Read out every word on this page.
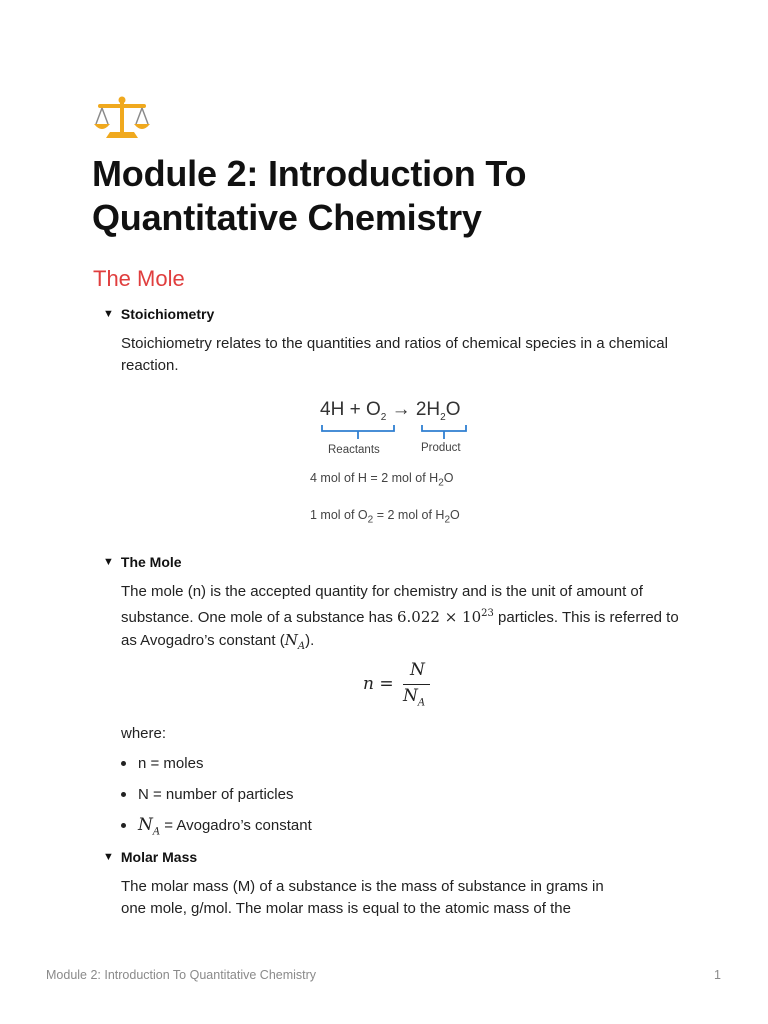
Module 2: Introduction To Quantitative Chemistry
The Mole
▼ Stoichiometry

Stoichiometry relates to the quantities and ratios of chemical species in a chemical reaction.

$4H + O_2 \to 2H_2O$
Reactants	Product
4 mol of H = 2 mol of $H_2O$
1 mol of $O_2 = 2$ mol of $H_2O$
▼ The Mole

The mole (n) is the accepted quantity for chemistry and is the unit of amount of substance. One mole of a substance has $6.022 \times 10^{23}$ particles. This is referred to as Avogadro’s constant $(N_A)$.

n =
N
$N_A$

where:

n = moles
N = number of particles
$N_A$ = Avogadro’s constant
▼ Molar Mass

The molar mass (M) of a substance is the mass of substance in grams in
one mole, g/mol. The molar mass is equal to the atomic mass of the

Module 2: Introduction To Quantitative Chemistry	1
